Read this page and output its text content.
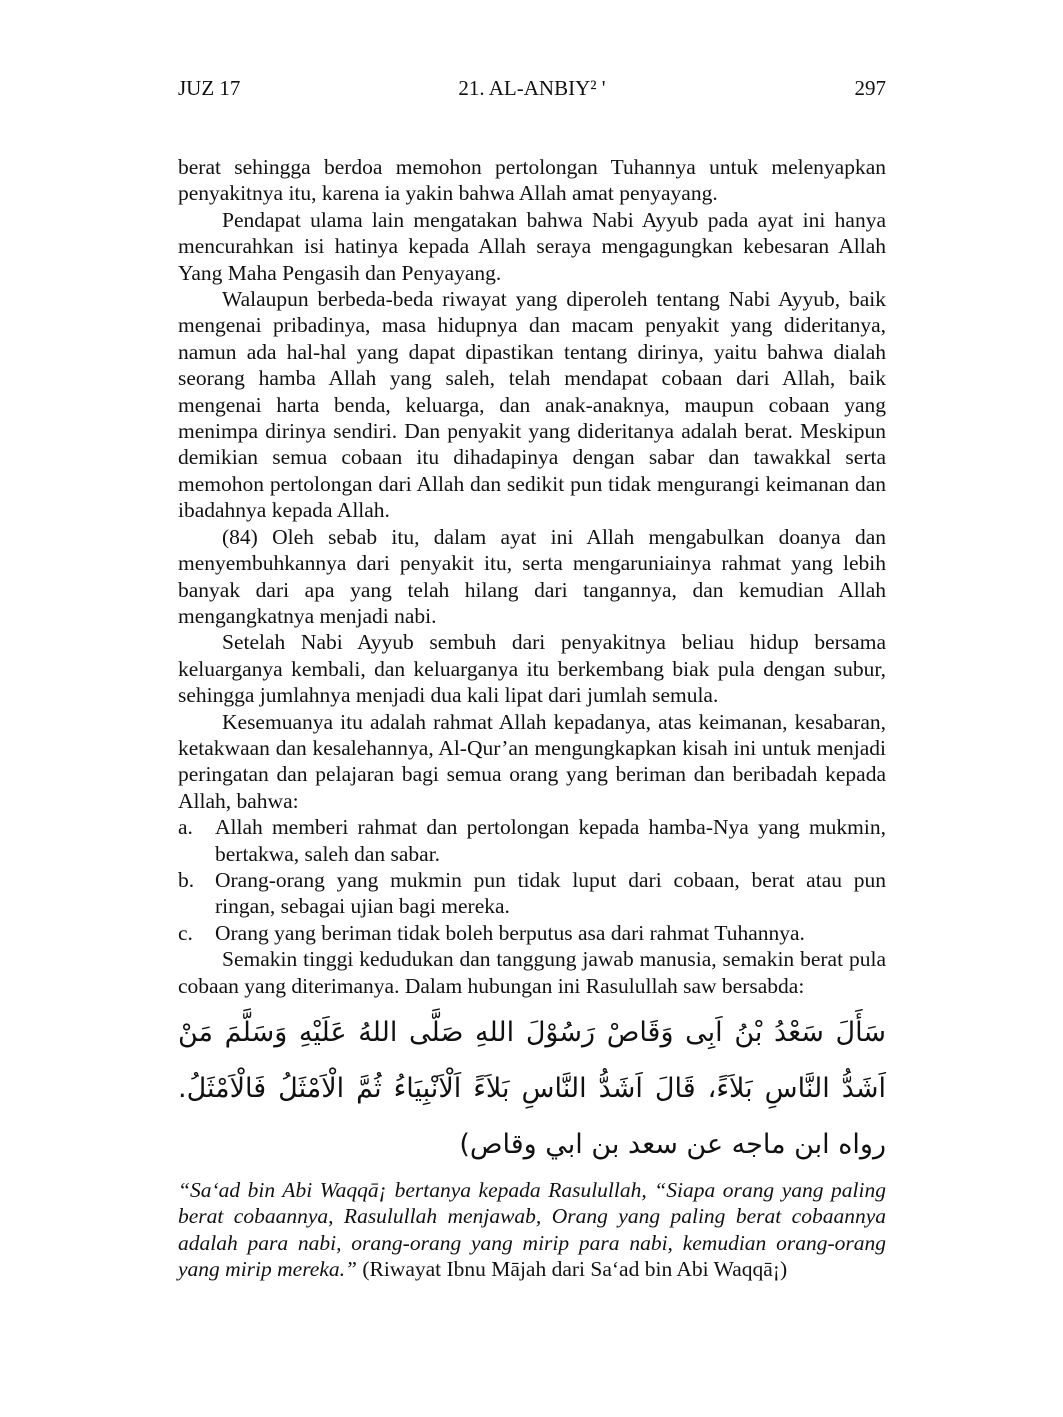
JUZ 17	21. AL-ANBIY² '	297

berat sehingga berdoa memohon pertolongan Tuhannya untuk melenyapkan penyakitnya itu, karena ia yakin bahwa Allah amat penyayang.

Pendapat ulama lain mengatakan bahwa Nabi Ayyub pada ayat ini hanya mencurahkan isi hatinya kepada Allah seraya mengagungkan kebesaran Allah Yang Maha Pengasih dan Penyayang.

Walaupun berbeda-beda riwayat yang diperoleh tentang Nabi Ayyub, baik mengenai pribadinya, masa hidupnya dan macam penyakit yang dideritanya, namun ada hal-hal yang dapat dipastikan tentang dirinya, yaitu bahwa dialah seorang hamba Allah yang saleh, telah mendapat cobaan dari Allah, baik mengenai harta benda, keluarga, dan anak-anaknya, maupun cobaan yang menimpa dirinya sendiri. Dan penyakit yang dideritanya adalah berat. Meskipun demikian semua cobaan itu dihadapinya dengan sabar dan tawakkal serta memohon pertolongan dari Allah dan sedikit pun tidak mengurangi keimanan dan ibadahnya kepada Allah.

(84) Oleh sebab itu, dalam ayat ini Allah mengabulkan doanya dan menyembuhkannya dari penyakit itu, serta mengaruniainya rahmat yang lebih banyak dari apa yang telah hilang dari tangannya, dan kemudian Allah mengangkatnya menjadi nabi.

Setelah Nabi Ayyub sembuh dari penyakitnya beliau hidup bersama keluarganya kembali, dan keluarganya itu berkembang biak pula dengan subur, sehingga jumlahnya menjadi dua kali lipat dari jumlah semula.

Kesemuanya itu adalah rahmat Allah kepadanya, atas keimanan, kesabaran, ketakwaan dan kesalehannya, Al-Qur’an mengungkapkan kisah ini untuk menjadi peringatan dan pelajaran bagi semua orang yang beriman dan beribadah kepada Allah, bahwa:

a. Allah memberi rahmat dan pertolongan kepada hamba-Nya yang mukmin, bertakwa, saleh dan sabar.
b. Orang-orang yang mukmin pun tidak luput dari cobaan, berat atau pun ringan, sebagai ujian bagi mereka.
c. Orang yang beriman tidak boleh berputus asa dari rahmat Tuhannya.

Semakin tinggi kedudukan dan tanggung jawab manusia, semakin berat pula cobaan yang diterimanya. Dalam hubungan ini Rasulullah saw bersabda:

سَأَلَ سَعْدُ بْنُ اَبِى وَقَاصْ رَسُوْلَ اللهِ صَلَّى اللهُ عَلَيْهِ وَسَلَّمَ مَنْ اَشَدُّ النَّاسِ بَلاَءً، قَالَ اَشَدُّ النَّاسِ بَلاَءً اَلْاَنْبِيَاءُ ثُمَّ الْاَمْثَلُ فَالْاَمْثَلُ. رواه ابن ماجه عن سعد بن ابي وقاص)
“Sa‘ad bin Abi Waqqā¡ bertanya kepada Rasulullah, “Siapa orang yang paling berat cobaannya, Rasulullah menjawab, Orang yang paling berat cobaannya adalah para nabi, orang-orang yang mirip para nabi, kemudian orang-orang yang mirip mereka.” (Riwayat Ibnu Mājah dari Sa‘ad bin Abi Waqqā¡)
